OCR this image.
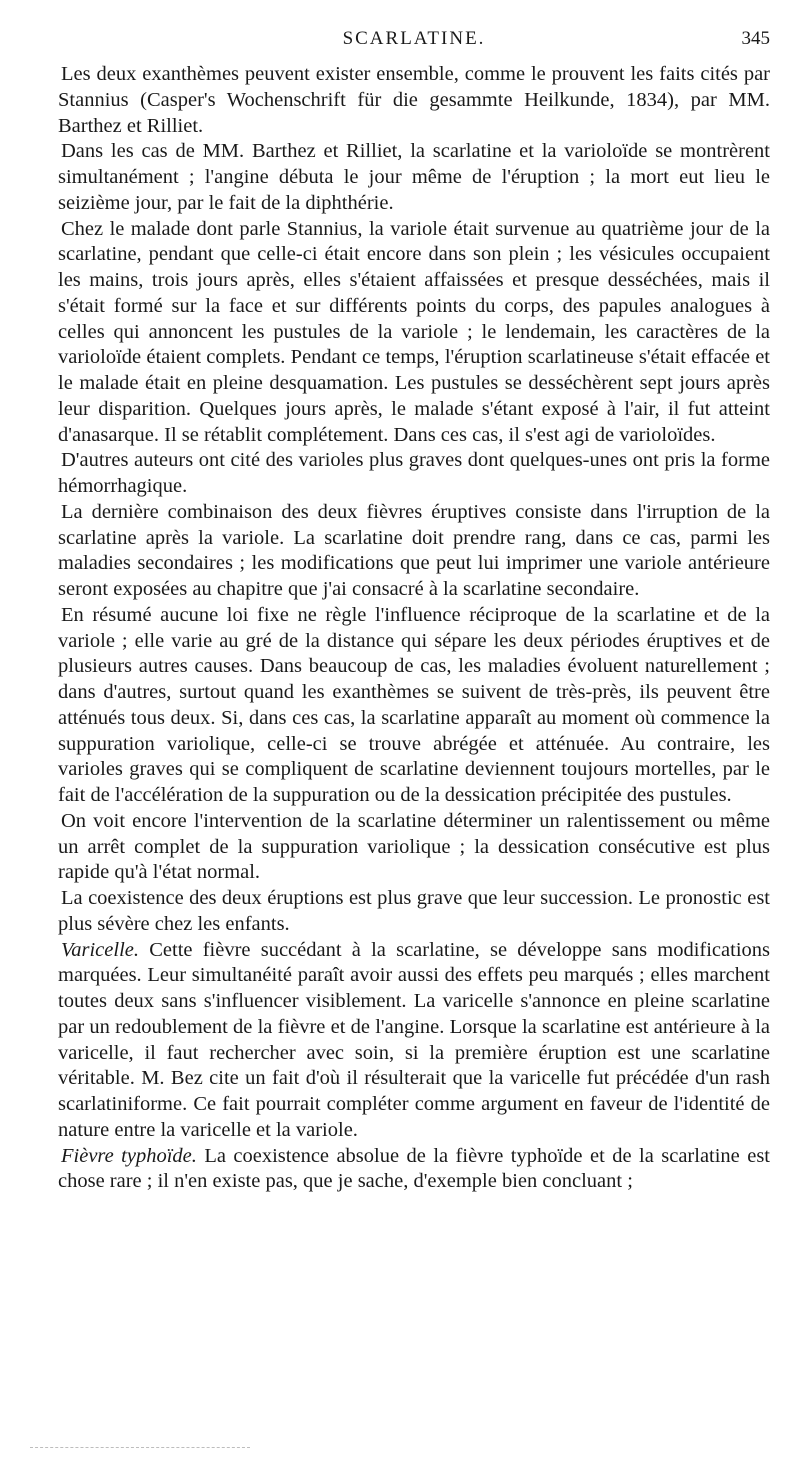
SCARLATINE.	345

Les deux exanthèmes peuvent exister ensemble, comme le prouvent les faits cités par Stannius (Casper's Wochenschrift für die gesammte Heilkunde, 1834), par MM. Barthez et Rilliet.

Dans les cas de MM. Barthez et Rilliet, la scarlatine et la varioloïde se montrèrent simultanément ; l'angine débuta le jour même de l'éruption ; la mort eut lieu le seizième jour, par le fait de la diphthérie.

Chez le malade dont parle Stannius, la variole était survenue au quatrième jour de la scarlatine, pendant que celle-ci était encore dans son plein ; les vésicules occupaient les mains, trois jours après, elles s'étaient affaissées et presque desséchées, mais il s'était formé sur la face et sur différents points du corps, des papules analogues à celles qui annoncent les pustules de la variole ; le lendemain, les caractères de la varioloïde étaient complets. Pendant ce temps, l'éruption scarlatineuse s'était effacée et le malade était en pleine desquamation. Les pustules se desséchèrent sept jours après leur disparition. Quelques jours après, le malade s'étant exposé à l'air, il fut atteint d'anasarque. Il se rétablit complétement. Dans ces cas, il s'est agi de varioloïdes.

D'autres auteurs ont cité des varioles plus graves dont quelques-unes ont pris la forme hémorrhagique.

La dernière combinaison des deux fièvres éruptives consiste dans l'irruption de la scarlatine après la variole. La scarlatine doit prendre rang, dans ce cas, parmi les maladies secondaires ; les modifications que peut lui imprimer une variole antérieure seront exposées au chapitre que j'ai consacré à la scarlatine secondaire.

En résumé aucune loi fixe ne règle l'influence réciproque de la scarlatine et de la variole ; elle varie au gré de la distance qui sépare les deux périodes éruptives et de plusieurs autres causes. Dans beaucoup de cas, les maladies évoluent naturellement ; dans d'autres, surtout quand les exanthèmes se suivent de très-près, ils peuvent être atténués tous deux. Si, dans ces cas, la scarlatine apparaît au moment où commence la suppuration variolique, celle-ci se trouve abrégée et atténuée. Au contraire, les varioles graves qui se compliquent de scarlatine deviennent toujours mortelles, par le fait de l'accélération de la suppuration ou de la dessication précipitée des pustules.

On voit encore l'intervention de la scarlatine déterminer un ralentissement ou même un arrêt complet de la suppuration variolique ; la dessication consécutive est plus rapide qu'à l'état normal.

La coexistence des deux éruptions est plus grave que leur succession. Le pronostic est plus sévère chez les enfants.

Varicelle. Cette fièvre succédant à la scarlatine, se développe sans modifications marquées. Leur simultanéité paraît avoir aussi des effets peu marqués ; elles marchent toutes deux sans s'influencer visiblement. La varicelle s'annonce en pleine scarlatine par un redoublement de la fièvre et de l'angine. Lorsque la scarlatine est antérieure à la varicelle, il faut rechercher avec soin, si la première éruption est une scarlatine véritable. M. Bez cite un fait d'où il résulterait que la varicelle fut précédée d'un rash scarlatiniforme. Ce fait pourrait compléter comme argument en faveur de l'identité de nature entre la varicelle et la variole.

Fièvre typhoïde. La coexistence absolue de la fièvre typhoïde et de la scarlatine est chose rare ; il n'en existe pas, que je sache, d'exemple bien concluant ;
